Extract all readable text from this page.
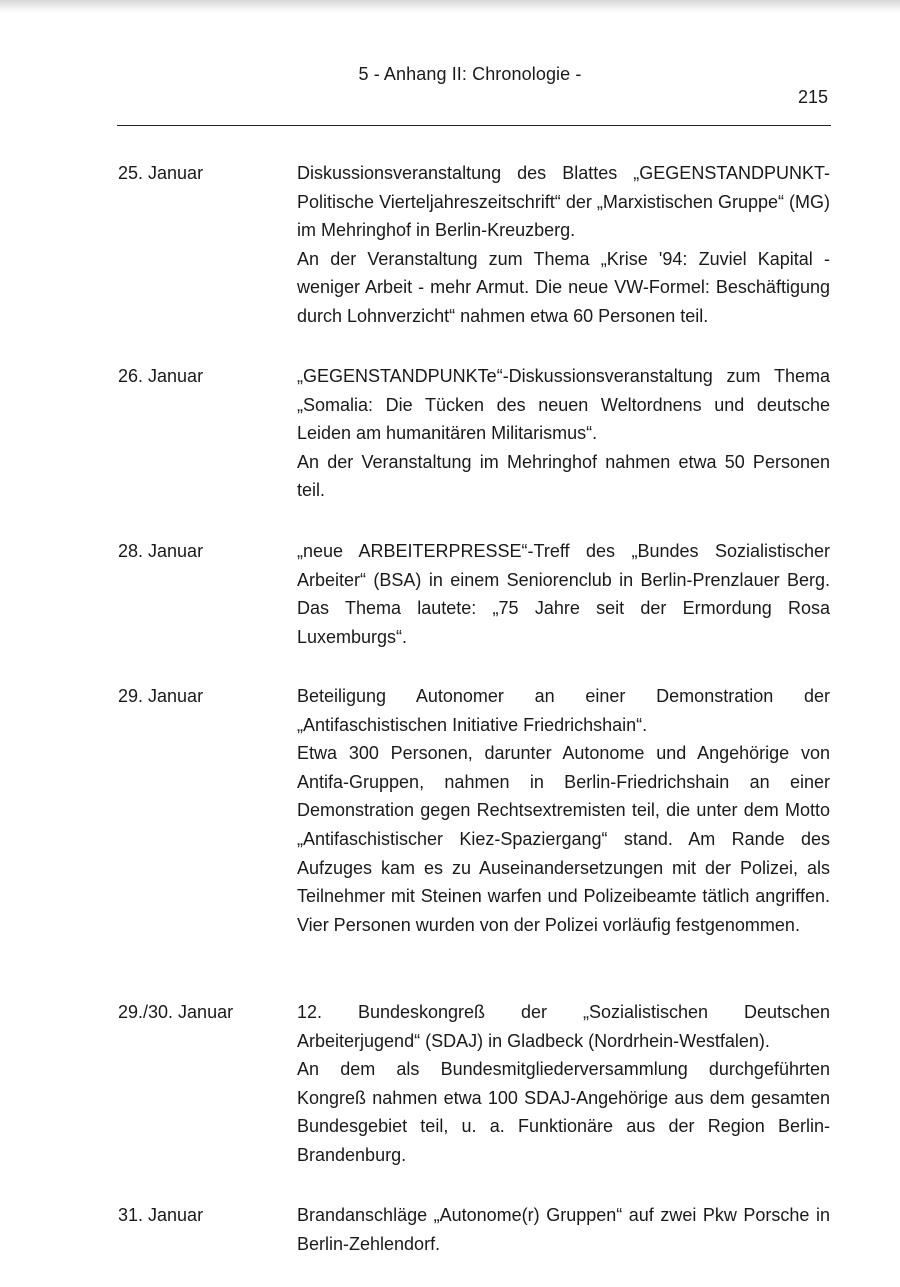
5 - Anhang II: Chronologie -
215
25. Januar	Diskussionsveranstaltung des Blattes „GEGENSTANDPUNKT-Politische Vierteljahreszeitschrift“ der „Marxistischen Gruppe“ (MG) im Mehringhof in Berlin-Kreuzberg.

An der Veranstaltung zum Thema „Krise '94: Zuviel Kapital - weniger Arbeit - mehr Armut. Die neue VW-Formel: Beschäftigung durch Lohnverzicht“ nahmen etwa 60 Personen teil.

26. Januar	„GEGENSTANDPUNKTe“-Diskussionsveranstaltung zum Thema „Somalia: Die Tücken des neuen Weltordnens und deutsche Leiden am humanitären Militarismus“.

An der Veranstaltung im Mehringhof nahmen etwa 50 Personen teil.

28. Januar	„neue ARBEITERPRESSE“-Treff des „Bundes Sozialistischer Arbeiter“ (BSA) in einem Seniorenclub in Berlin-Prenzlauer Berg. Das Thema lautete: „75 Jahre seit der Ermordung Rosa Luxemburgs“.

29. Januar	Beteiligung Autonomer an einer Demonstration der „Antifaschistischen Initiative Friedrichshain“.

Etwa 300 Personen, darunter Autonome und Angehörige von Antifa-Gruppen, nahmen in Berlin-Friedrichshain an einer Demonstration gegen Rechtsextremisten teil, die unter dem Motto „Antifaschistischer Kiez-Spaziergang“ stand. Am Rande des Aufzuges kam es zu Auseinandersetzungen mit der Polizei, als Teilnehmer mit Steinen warfen und Polizeibeamte tätlich angriffen. Vier Personen wurden von der Polizei vorläufig festgenommen.

29./30. Januar	12. Bundeskongreß der „Sozialistischen Deutschen Arbeiterjugend“ (SDAJ) in Gladbeck (Nordrhein-Westfalen).

An dem als Bundesmitgliederversammlung durchgeführten Kongreß nahmen etwa 100 SDAJ-Angehörige aus dem gesamten Bundesgebiet teil, u. a. Funktionäre aus der Region Berlin-Brandenburg.

31. Januar	Brandanschläge „Autonome(r) Gruppen“ auf zwei Pkw Porsche in Berlin-Zehlendorf.
